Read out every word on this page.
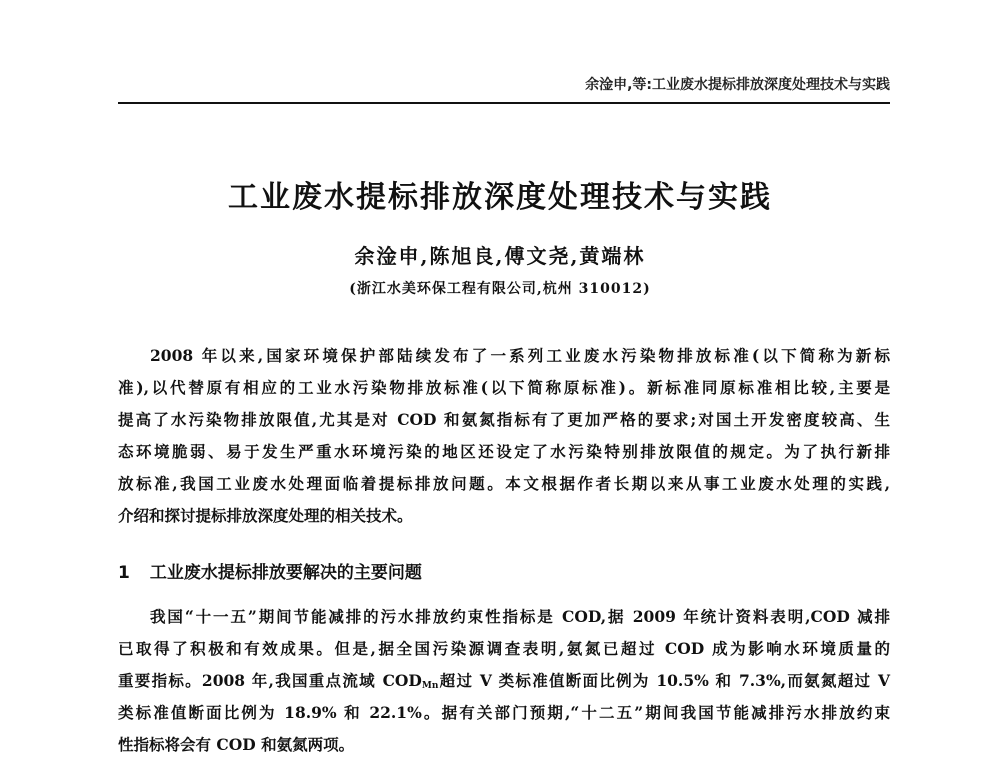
余淦申,等:工业废水提标排放深度处理技术与实践
工业废水提标排放深度处理技术与实践
余淦申,陈旭良,傅文尧,黄端林
(浙江水美环保工程有限公司,杭州 310012)
2008 年以来,国家环境保护部陆续发布了一系列工业废水污染物排放标准(以下简称为新标
准),以代替原有相应的工业水污染物排放标准(以下简称原标准)。新标准同原标准相比较,主要是
提高了水污染物排放限值,尤其是对 COD 和氨氮指标有了更加严格的要求;对国土开发密度较高、生
态环境脆弱、易于发生严重水环境污染的地区还设定了水污染特别排放限值的规定。为了执行新排
放标准,我国工业废水处理面临着提标排放问题。本文根据作者长期以来从事工业废水处理的实践,
介绍和探讨提标排放深度处理的相关技术。
1 工业废水提标排放要解决的主要问题
我国“十一五”期间节能减排的污水排放约束性指标是 COD,据 2009 年统计资料表明,COD 减排
已取得了积极和有效成果。但是,据全国污染源调查表明,氨氮已超过 COD 成为影响水环境质量的
重要指标。2008 年,我国重点流域 $COD_{Mn}$超过 V 类标准值断面比例为 10.5% 和 7.3%,而氨氮超过 V
类标准值断面比例为 18.9% 和 22.1%。据有关部门预期,“十二五”期间我国节能减排污水排放约束
性指标将会有 COD 和氨氮两项。
